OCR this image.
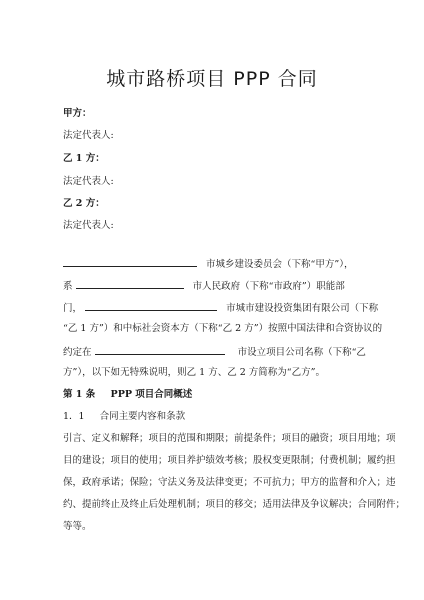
城市路桥项目 PPP 合同
甲方：
法定代表人:
乙 1 方：
法定代表人:
乙 2 方：
法定代表人:
市城乡建设委员会（下称“甲方”），
系	市人民政府（下称“市政府”）职能部
门，	市城市建设投资集团有限公司（下称
“乙 1 方”）和中标社会资本方（下称“乙 2 方”）按照中国法律和合资协议的
约定在	市设立项目公司名称（下称“乙
方”），以下如无特殊说明，则乙 1 方、乙 2 方简称为“乙方”。
第 1 条 PPP 项目合同概述
1．1 合同主要内容和条款
引言、定义和解释；项目的范围和期限；前提条件；项目的融资；项目用地；项
目的建设；项目的使用；项目养护绩效考核；股权变更限制；付费机制；履约担
保，政府承诺；保险；守法义务及法律变更；不可抗力；甲方的监督和介入；违
约、提前终止及终止后处理机制；项目的移交；适用法律及争议解决；合同附件；
等等。
